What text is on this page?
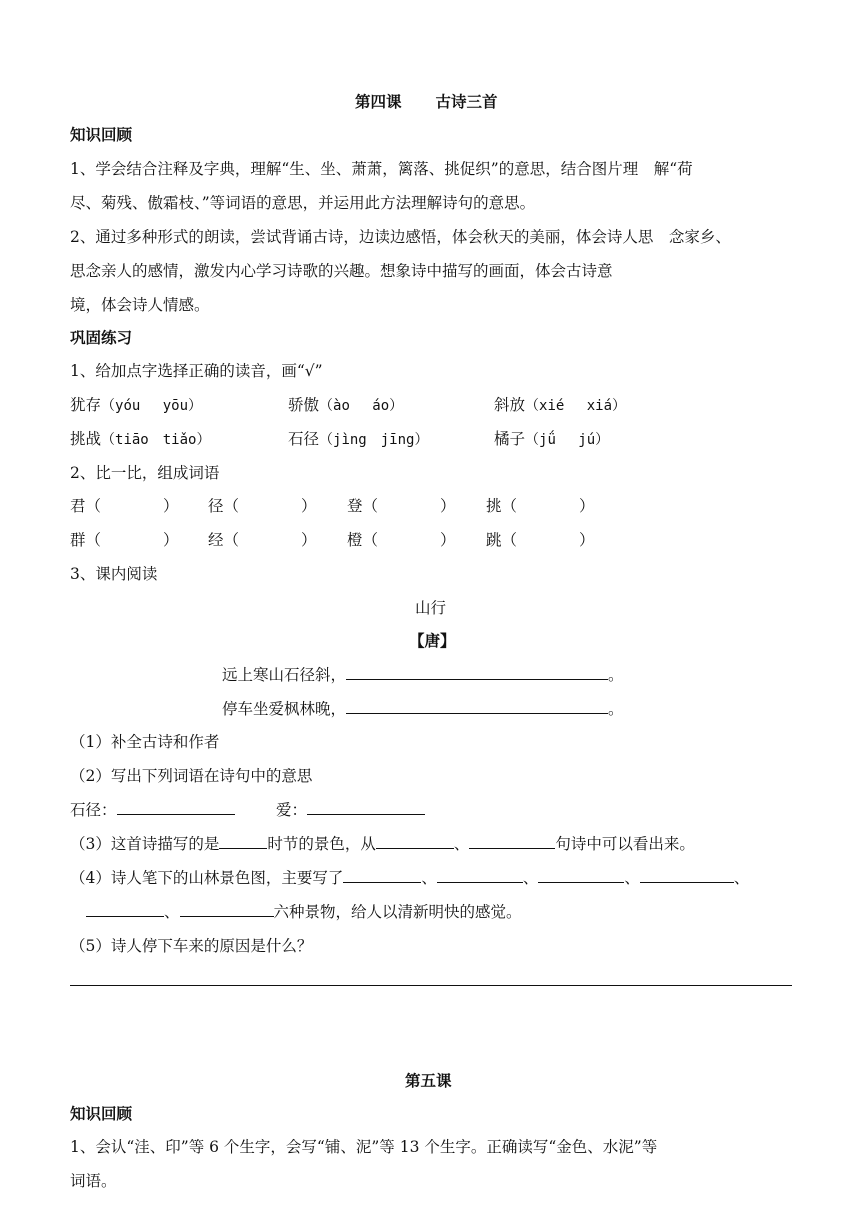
第四课 古诗三首
知识回顾
1、学会结合注释及字典，理解“生、坐、萧萧，篱落、挑促织”的意思，结合图片理　解“荷
尽、菊残、傲霜枝、”等词语的意思，并运用此方法理解诗句的意思。
2、通过多种形式的朗读，尝试背诵古诗，边读边感悟，体会秋天的美丽，体会诗人思　念家乡、
思念亲人的感情，激发内心学习诗歌的兴趣。想象诗中描写的画面，体会古诗意
境，体会诗人情感。
巩固练习
1、给加点字选择正确的读音，画“√”
犹存（yóu　 yōu）	骄傲（ào　 áo）	斜放（xié　 xiá）
挑战（tiāo　tiǎo）	石径（jìng　jīng）	橘子（jǘ　 jú）
2、比一比，组成词语
君（　　　　） 径（　　　　） 登（　　　　） 挑（　　　　）
群（　　　　） 经（　　　　） 橙（　　　　） 跳（　　　　）
3、课内阅读
山行
【唐】
远上寒山石径斜，	。
停车坐爱枫林晚，	。
（1）补全古诗和作者
（2）写出下列词语在诗句中的意思
石径：	爱：
（3）这首诗描写的是	时节的景色，从	、	句诗中可以看出来。
（4）诗人笔下的山林景色图，主要写了	、	、	、	、
、	六种景物，给人以清新明快的感觉。
（5）诗人停下车来的原因是什么？
第五课
知识回顾
1、会认“洼、印”等 6 个生字，会写“铺、泥”等 13 个生字。正确读写“金色、水泥”等
词语。
